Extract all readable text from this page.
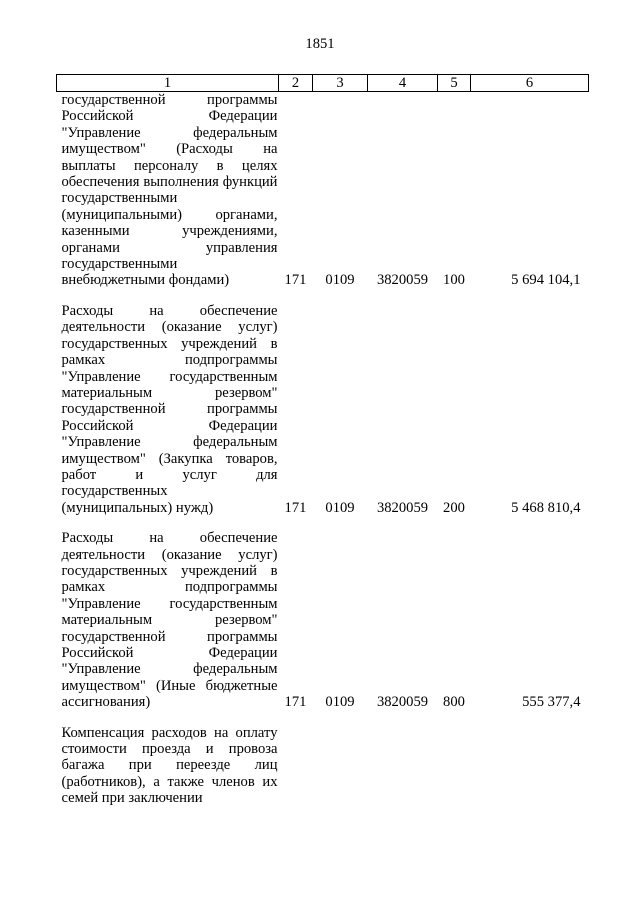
1851
1	2	3	4	5	6
государственной программы Российской Федерации "Управление федеральным имуществом" (Расходы на выплаты персоналу в целях обеспечения выполнения функций государственными (муниципальными) органами, казенными учреждениями, органами управления государственными внебюджетными фондами)	171	0109	3820059	100	5 694 104,1
Расходы на обеспечение деятельности (оказание услуг) государственных учреждений в рамках подпрограммы "Управление государственным материальным резервом" государственной программы Российской Федерации "Управление федеральным имуществом" (Закупка товаров, работ и услуг для государственных (муниципальных) нужд)	171	0109	3820059	200	5 468 810,4
Расходы на обеспечение деятельности (оказание услуг) государственных учреждений в рамках подпрограммы "Управление государственным материальным резервом" государственной программы Российской Федерации "Управление федеральным имуществом" (Иные бюджетные ассигнования)	171	0109	3820059	800	555 377,4
Компенсация расходов на оплату стоимости проезда и провоза багажа при переезде лиц (работников), а также членов их семей при заключении					
